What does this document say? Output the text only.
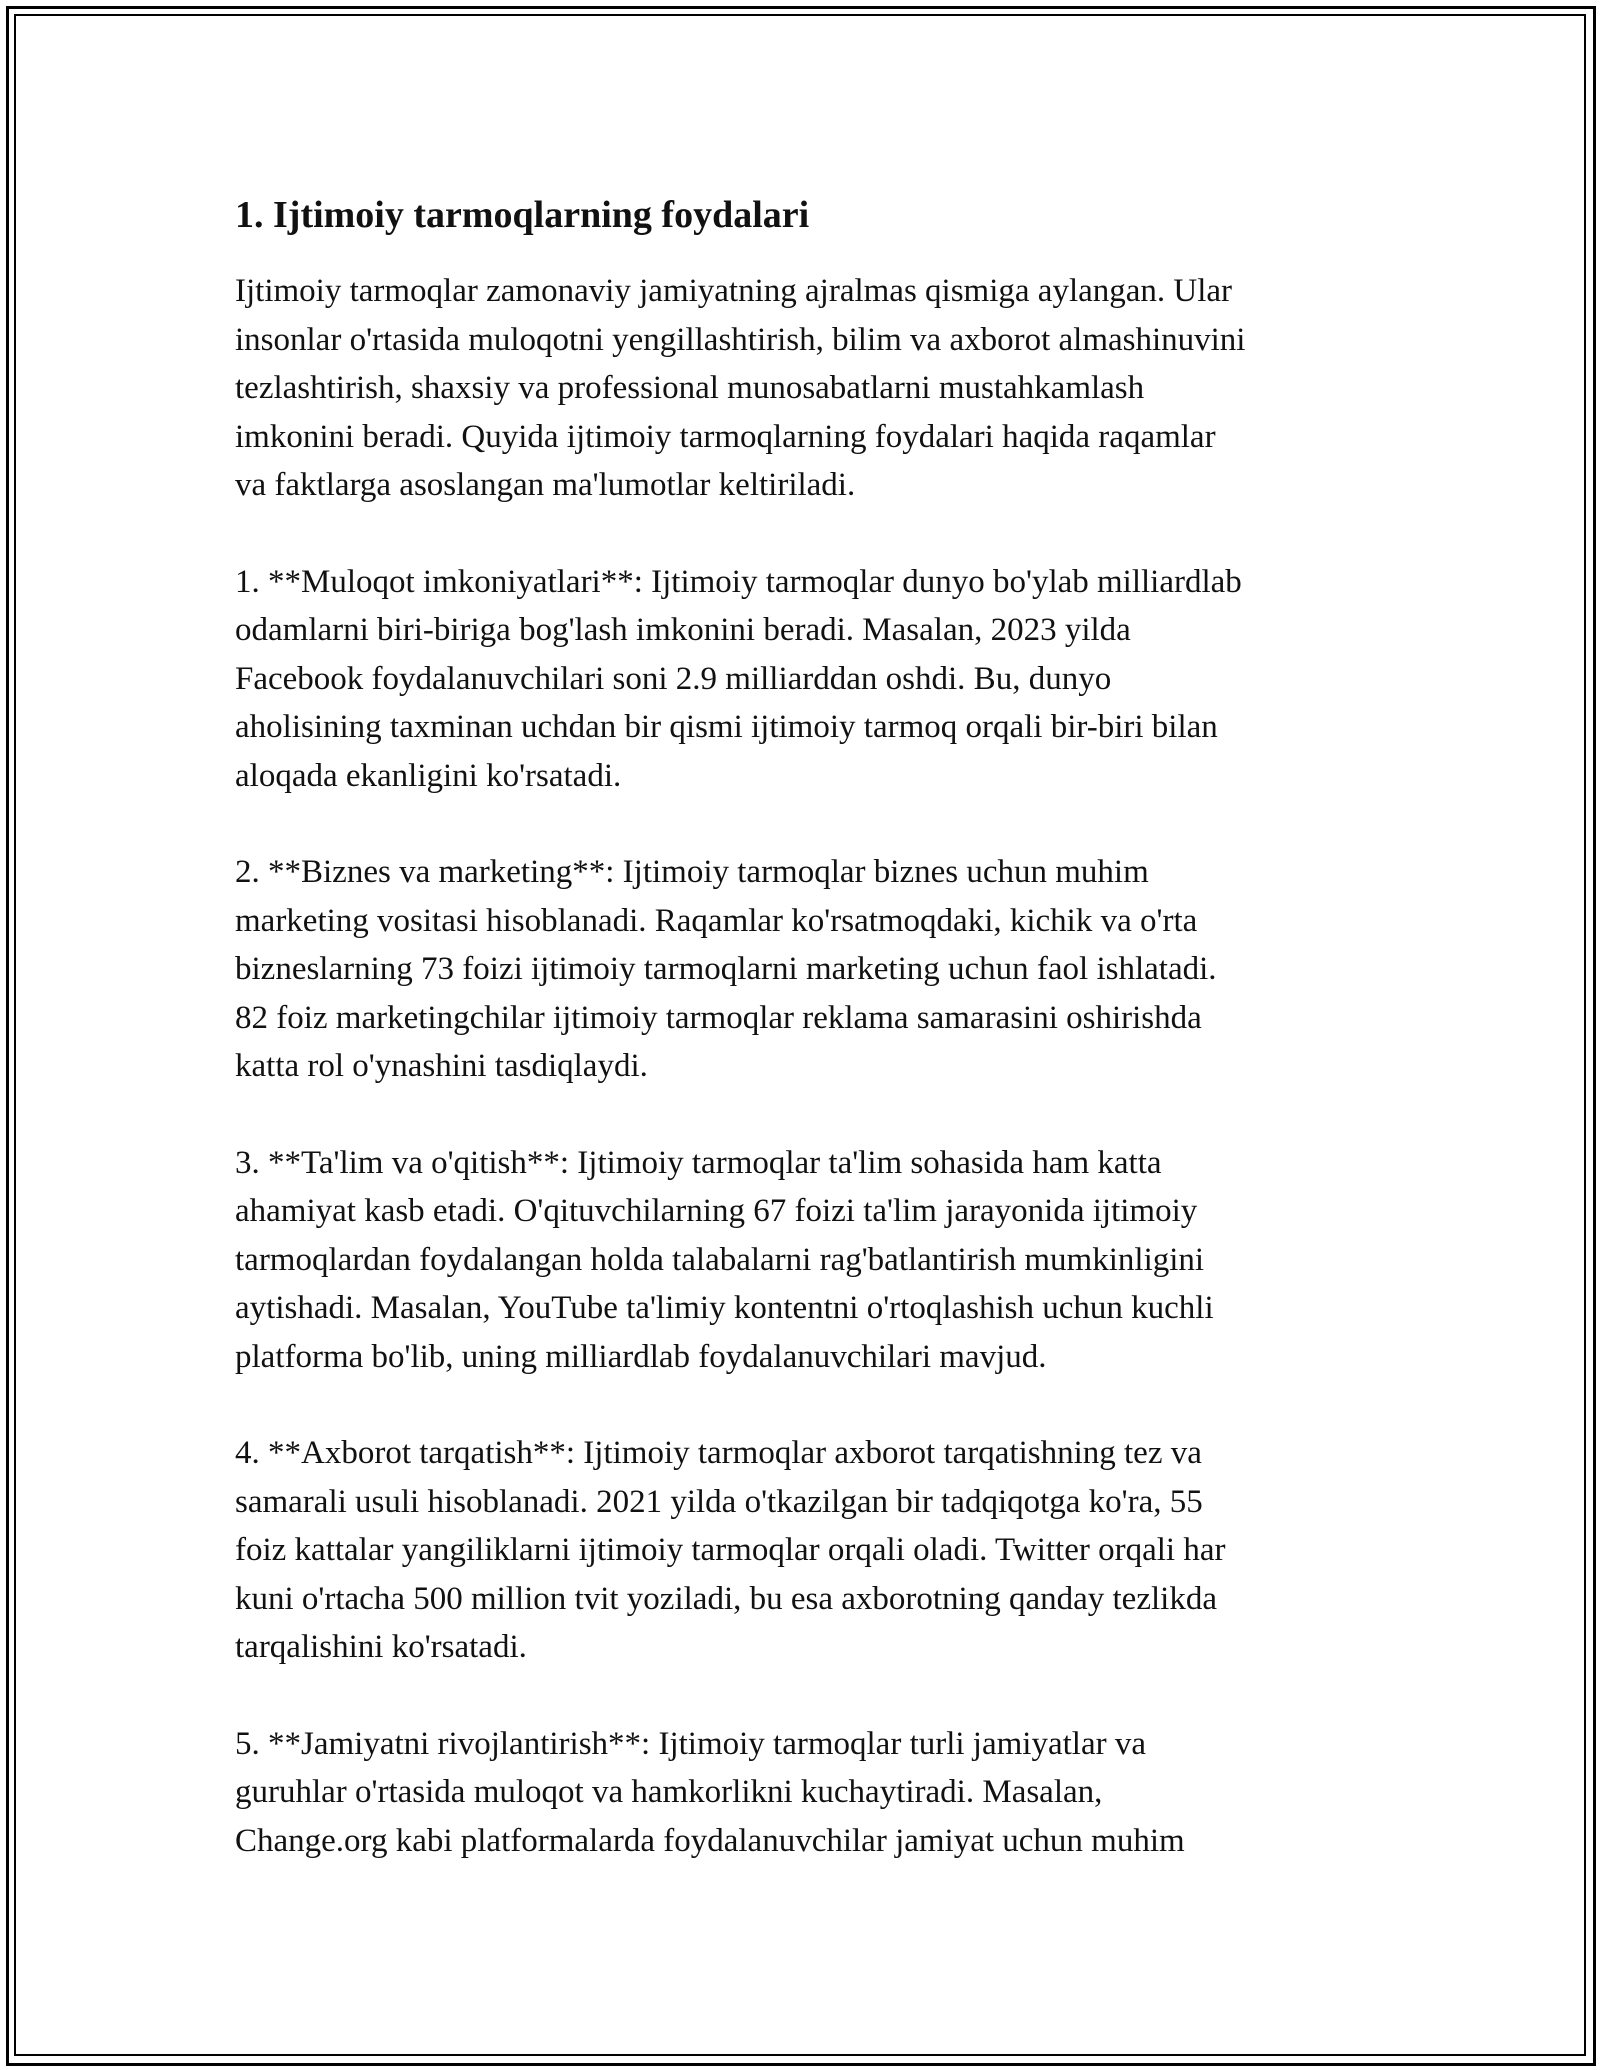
1. Ijtimoiy tarmoqlarning foydalari

Ijtimoiy tarmoqlar zamonaviy jamiyatning ajralmas qismiga aylangan. Ular
insonlar o'rtasida muloqotni yengillashtirish, bilim va axborot almashinuvini
tezlashtirish, shaxsiy va professional munosabatlarni mustahkamlash
imkonini beradi. Quyida ijtimoiy tarmoqlarning foydalari haqida raqamlar
va faktlarga asoslangan ma'lumotlar keltiriladi.

1. **Muloqot imkoniyatlari**: Ijtimoiy tarmoqlar dunyo bo'ylab milliardlab
odamlarni biri-biriga bog'lash imkonini beradi. Masalan, 2023 yilda
Facebook foydalanuvchilari soni 2.9 milliarddan oshdi. Bu, dunyo
aholisining taxminan uchdan bir qismi ijtimoiy tarmoq orqali bir-biri bilan
aloqada ekanligini ko'rsatadi.

2. **Biznes va marketing**: Ijtimoiy tarmoqlar biznes uchun muhim
marketing vositasi hisoblanadi. Raqamlar ko'rsatmoqdaki, kichik va o'rta
bizneslarning 73 foizi ijtimoiy tarmoqlarni marketing uchun faol ishlatadi.
82 foiz marketingchilar ijtimoiy tarmoqlar reklama samarasini oshirishda
katta rol o'ynashini tasdiqlaydi.

3. **Ta'lim va o'qitish**: Ijtimoiy tarmoqlar ta'lim sohasida ham katta
ahamiyat kasb etadi. O'qituvchilarning 67 foizi ta'lim jarayonida ijtimoiy
tarmoqlardan foydalangan holda talabalarni rag'batlantirish mumkinligini
aytishadi. Masalan, YouTube ta'limiy kontentni o'rtoqlashish uchun kuchli
platforma bo'lib, uning milliardlab foydalanuvchilari mavjud.

4. **Axborot tarqatish**: Ijtimoiy tarmoqlar axborot tarqatishning tez va
samarali usuli hisoblanadi. 2021 yilda o'tkazilgan bir tadqiqotga ko'ra, 55
foiz kattalar yangiliklarni ijtimoiy tarmoqlar orqali oladi. Twitter orqali har
kuni o'rtacha 500 million tvit yoziladi, bu esa axborotning qanday tezlikda
tarqalishini ko'rsatadi.

5. **Jamiyatni rivojlantirish**: Ijtimoiy tarmoqlar turli jamiyatlar va
guruhlar o'rtasida muloqot va hamkorlikni kuchaytiradi. Masalan,
Change.org kabi platformalarda foydalanuvchilar jamiyat uchun muhim
